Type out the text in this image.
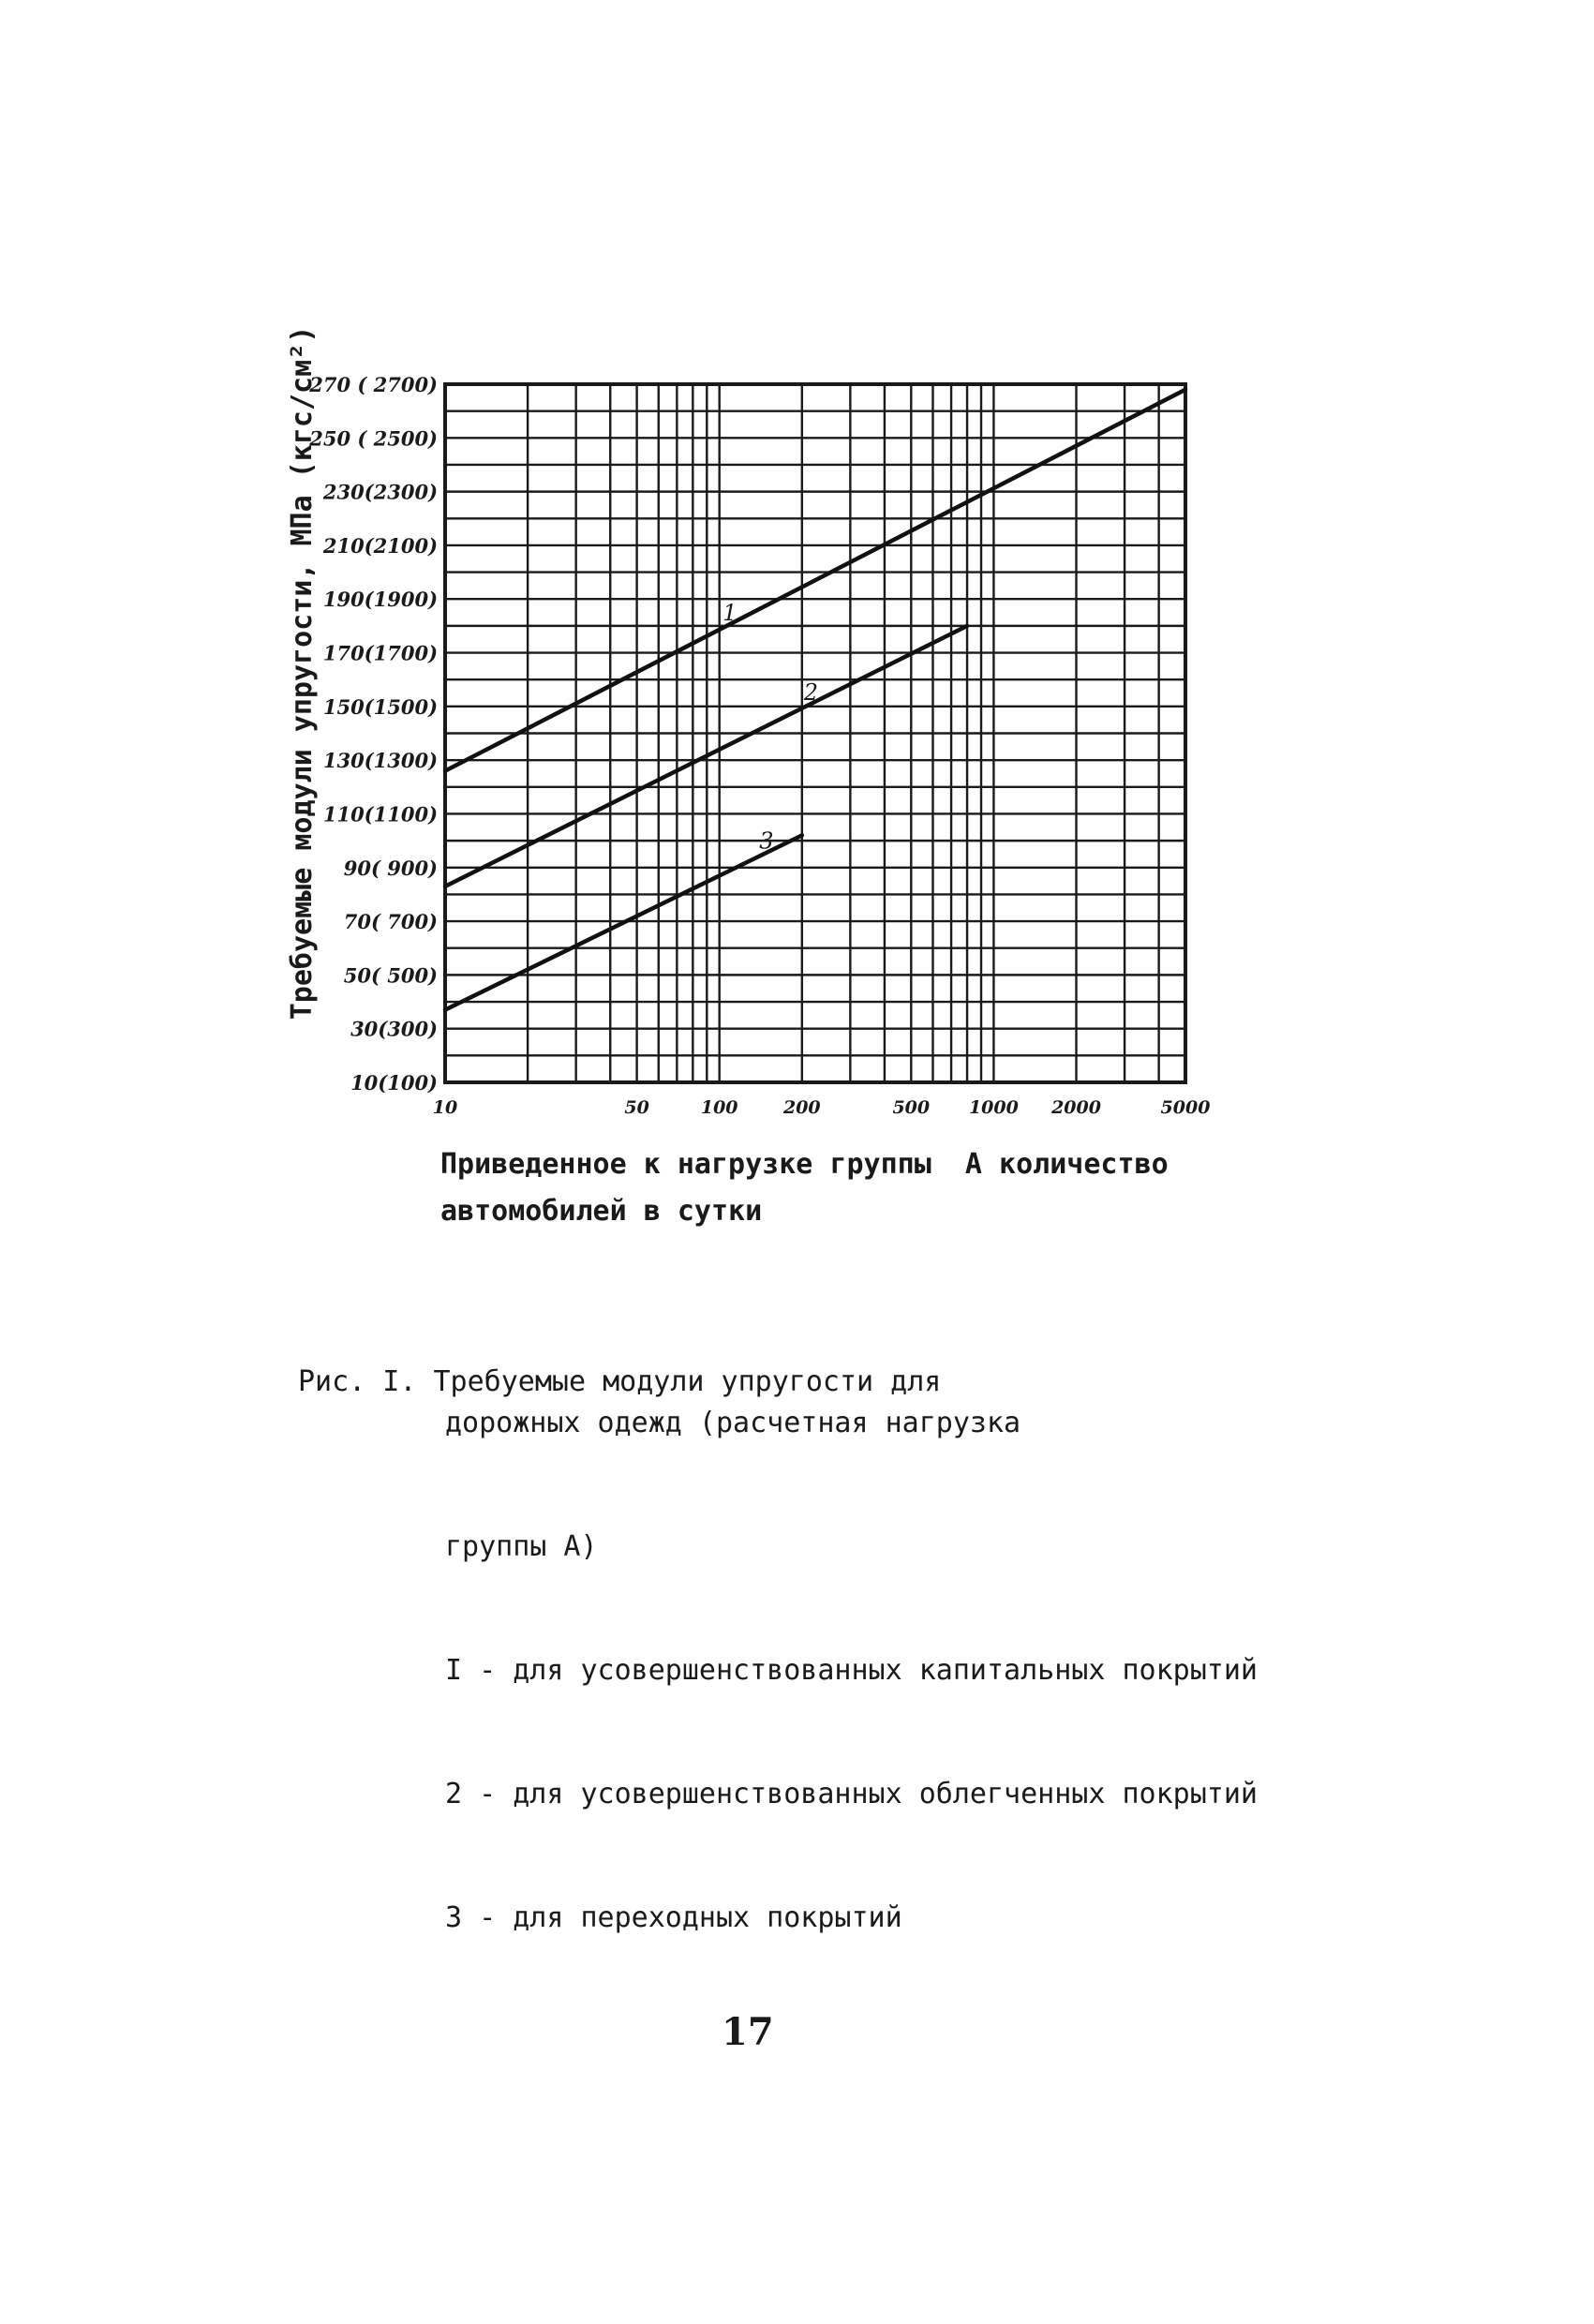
1
2
3
270 ( 2700)
250 ( 2500)
230(2300)
210(2100)
190(1900)
170(1700)
150(1500)
130(1300)
110(1100)
90( 900)
70( 700)
50( 500)
30(300)
10(100)
10	50	100	200	500 1000 2000	5000
Требуемые модули упругости, МПа (кгс/см²)
Приведенное к нагрузке группы  А количество
автомобилей в сутки

Рис. I. Требуемые модули упругости для

дорожных одежд (расчетная нагрузка

группы А)

I - для усовершенствованных капитальных покрытий

2 - для усовершенствованных облегченных покрытий

3 - для переходных покрытий

17
